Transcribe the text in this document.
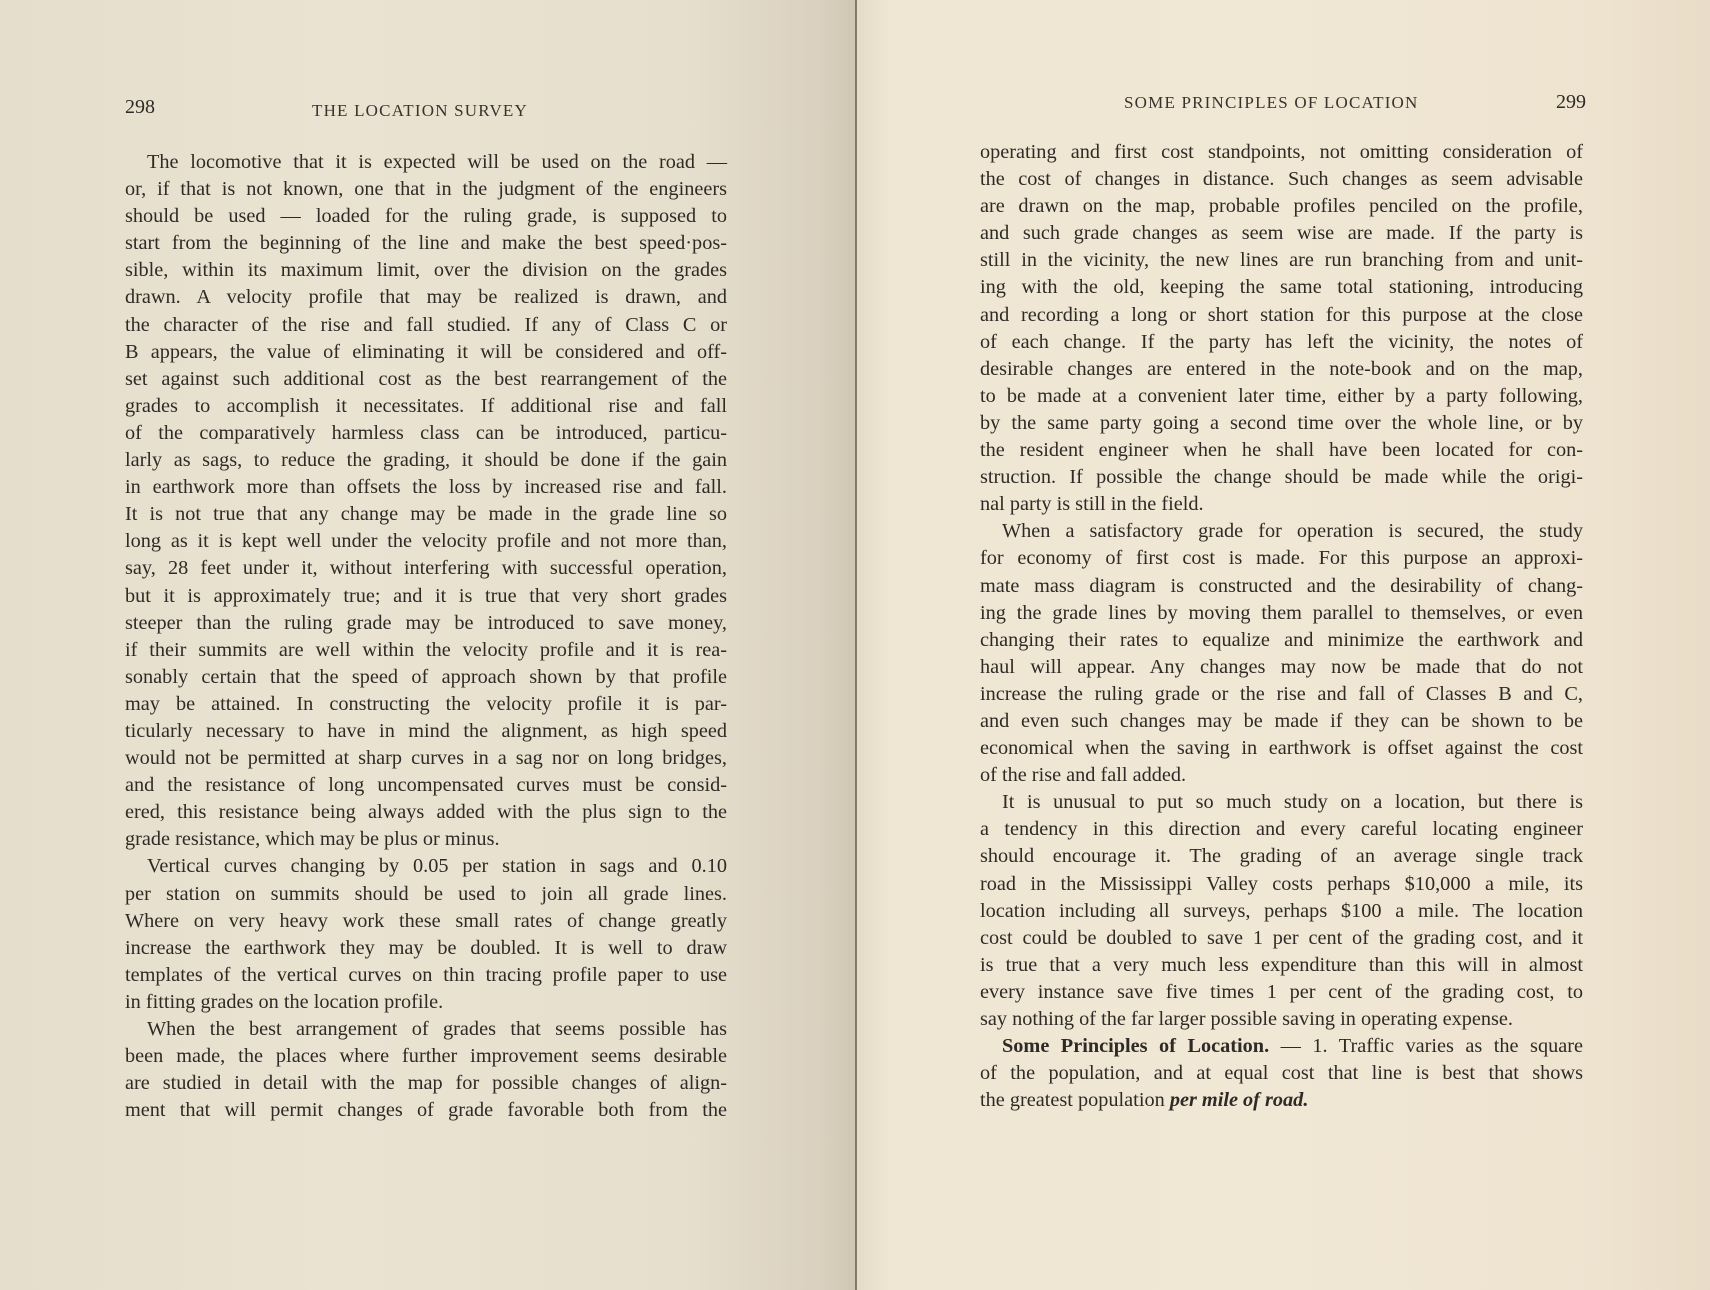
298	THE LOCATION SURVEY
The locomotive that it is expected will be used on the road —
or, if that is not known, one that in the judgment of the engineers
should be used — loaded for the ruling grade, is supposed to
start from the beginning of the line and make the best speed·pos-
sible, within its maximum limit, over the division on the grades
drawn. A velocity profile that may be realized is drawn, and
the character of the rise and fall studied. If any of Class C or
B appears, the value of eliminating it will be considered and off-
set against such additional cost as the best rearrangement of the
grades to accomplish it necessitates. If additional rise and fall
of the comparatively harmless class can be introduced, particu-
larly as sags, to reduce the grading, it should be done if the gain
in earthwork more than offsets the loss by increased rise and fall.
It is not true that any change may be made in the grade line so
long as it is kept well under the velocity profile and not more than,
say, 28 feet under it, without interfering with successful operation,
but it is approximately true; and it is true that very short grades
steeper than the ruling grade may be introduced to save money,
if their summits are well within the velocity profile and it is rea-
sonably certain that the speed of approach shown by that profile
may be attained. In constructing the velocity profile it is par-
ticularly necessary to have in mind the alignment, as high speed
would not be permitted at sharp curves in a sag nor on long bridges,
and the resistance of long uncompensated curves must be consid-
ered, this resistance being always added with the plus sign to the
grade resistance, which may be plus or minus.
Vertical curves changing by 0.05 per station in sags and 0.10
per station on summits should be used to join all grade lines.
Where on very heavy work these small rates of change greatly
increase the earthwork they may be doubled. It is well to draw
templates of the vertical curves on thin tracing profile paper to use
in fitting grades on the location profile.
When the best arrangement of grades that seems possible has
been made, the places where further improvement seems desirable
are studied in detail with the map for possible changes of align-
ment that will permit changes of grade favorable both from the
SOME PRINCIPLES OF LOCATION	299
operating and first cost standpoints, not omitting consideration of
the cost of changes in distance. Such changes as seem advisable
are drawn on the map, probable profiles penciled on the profile,
and such grade changes as seem wise are made. If the party is
still in the vicinity, the new lines are run branching from and unit-
ing with the old, keeping the same total stationing, introducing
and recording a long or short station for this purpose at the close
of each change. If the party has left the vicinity, the notes of
desirable changes are entered in the note-book and on the map,
to be made at a convenient later time, either by a party following,
by the same party going a second time over the whole line, or by
the resident engineer when he shall have been located for con-
struction. If possible the change should be made while the origi-
nal party is still in the field.
When a satisfactory grade for operation is secured, the study
for economy of first cost is made. For this purpose an approxi-
mate mass diagram is constructed and the desirability of chang-
ing the grade lines by moving them parallel to themselves, or even
changing their rates to equalize and minimize the earthwork and
haul will appear. Any changes may now be made that do not
increase the ruling grade or the rise and fall of Classes B and C,
and even such changes may be made if they can be shown to be
economical when the saving in earthwork is offset against the cost
of the rise and fall added.
It is unusual to put so much study on a location, but there is
a tendency in this direction and every careful locating engineer
should encourage it. The grading of an average single track
road in the Mississippi Valley costs perhaps $10,000 a mile, its
location including all surveys, perhaps $100 a mile. The location
cost could be doubled to save 1 per cent of the grading cost, and it
is true that a very much less expenditure than this will in almost
every instance save five times 1 per cent of the grading cost, to
say nothing of the far larger possible saving in operating expense.
Some Principles of Location. — 1. Traffic varies as the square
of the population, and at equal cost that line is best that shows
the greatest population per mile of road.
